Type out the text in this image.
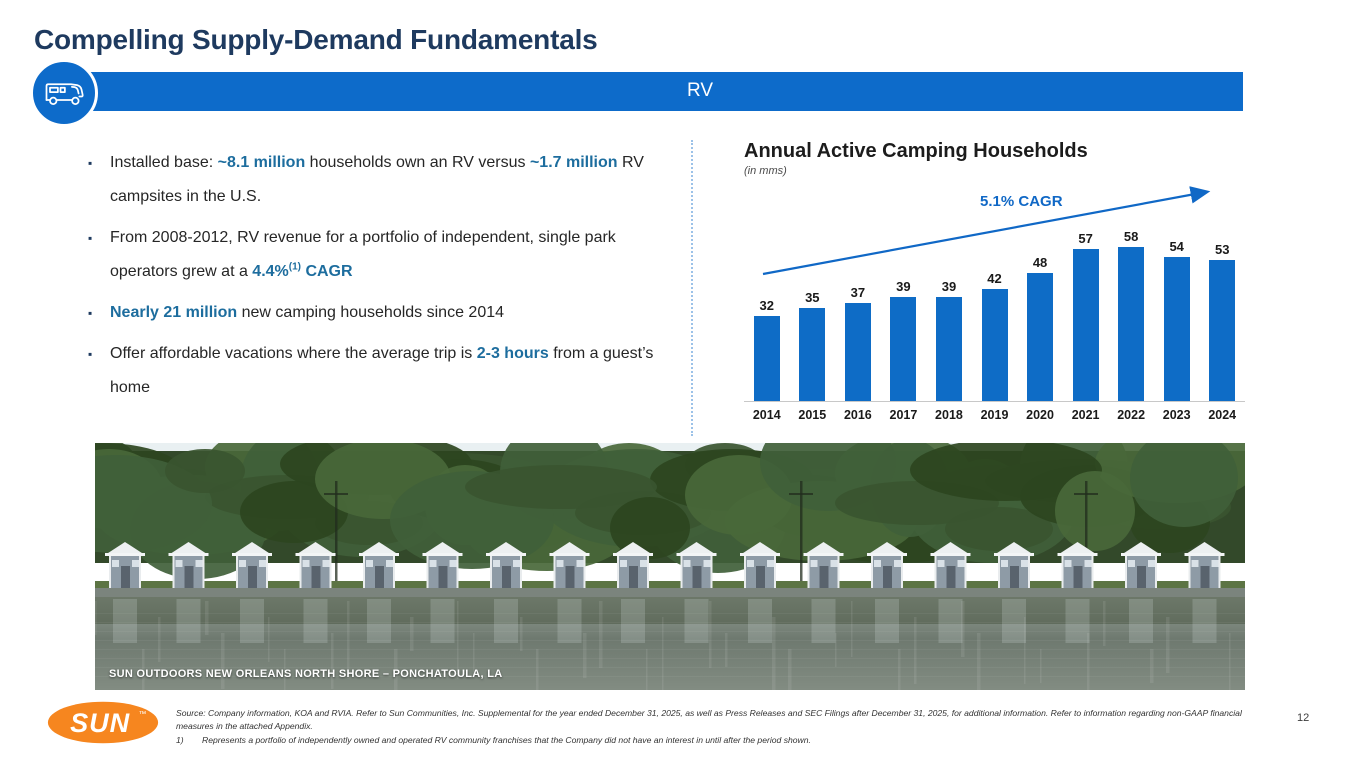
Compelling Supply-Demand Fundamentals
RV
▪	Installed base: ~8.1 million households own an RV versus ~1.7 million RV campsites in the U.S.
▪	From 2008-2012, RV revenue for a portfolio of independent, single park operators grew at a 4.4%$^{(1)}$ CAGR
▪	Nearly 21 million new camping households since 2014
▪	Offer affordable vacations where the average trip is 2-3 hours from a guest’s home
Annual Active Camping Households
(in mms)
32
35 37 39 39
42
48
57 58
54 53
5.1% CAGR
2014	2015	2016	2017	2018	2019	2020	2021	2022	2023	2024
SUN OUTDOORS NEW ORLEANS NORTH SHORE – PONCHATOULA, LA
SUN ™	Source: Company information, KOA and RVIA. Refer to Sun Communities, Inc. Supplemental for the year ended December 31, 2025, as well as Press Releases and SEC Filings after December 31, 2025, for additional information. Refer to information regarding non-GAAP financial measures in the attached Appendix.
1)	Represents a portfolio of independently owned and operated RV community franchises that the Company did not have an interest in until after the period shown.
12
